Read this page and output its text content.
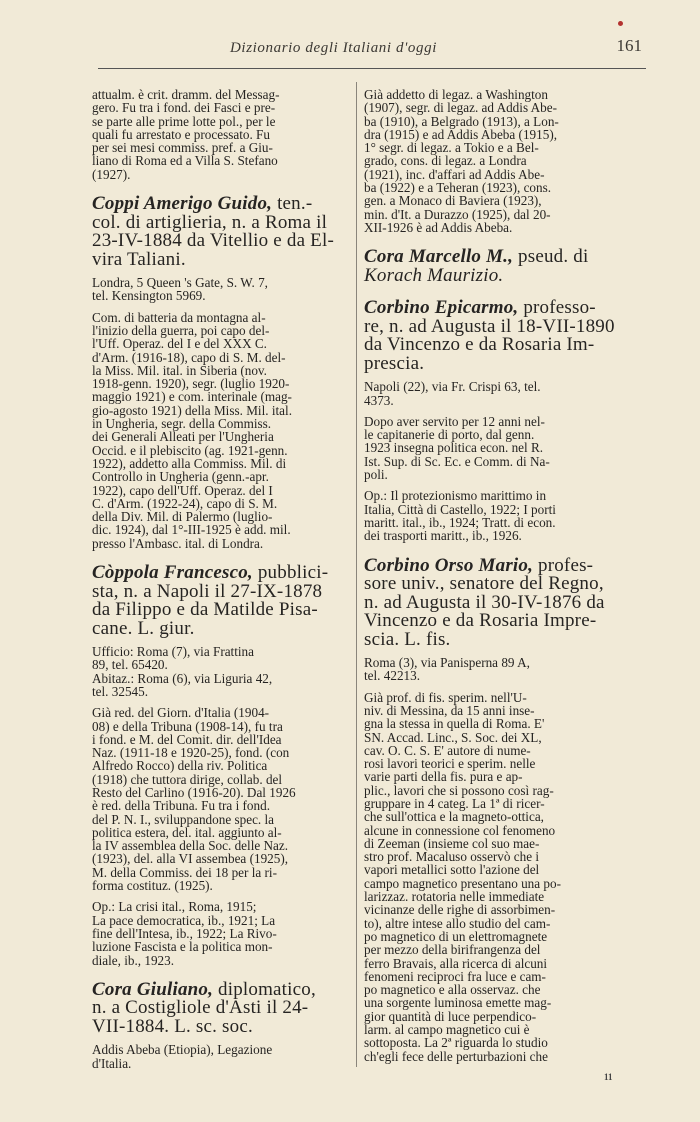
Dizionario degli Italiani d'oggi	161
attualm. è crit. dramm. del Messag-
gero. Fu tra i fond. dei Fasci e pre-
se parte alle prime lotte pol., per le
quali fu arrestato e processato. Fu
per sei mesi commiss. pref. a Giu-
liano di Roma ed a Villa S. Stefano
(1927).
Coppi Amerigo Guido, ten.-
col. di artiglieria, n. a Roma il
23-IV-1884 da Vitellio e da El-
vira Taliani.
Londra, 5 Queen 's Gate, S. W. 7,
tel. Kensington 5969.
Com. di batteria da montagna al-
l'inizio della guerra, poi capo del-
l'Uff. Operaz. del I e del XXX C.
d'Arm. (1916-18), capo di S. M. del-
la Miss. Mil. ital. in Siberia (nov.
1918-genn. 1920), segr. (luglio 1920-
maggio 1921) e com. interinale (mag-
gio-agosto 1921) della Miss. Mil. ital.
in Ungheria, segr. della Commiss.
dei Generali Alleati per l'Ungheria
Occid. e il plebiscito (ag. 1921-genn.
1922), addetto alla Commiss. Mil. di
Controllo in Ungheria (genn.-apr.
1922), capo dell'Uff. Operaz. del I
C. d'Arm. (1922-24), capo di S. M.
della Div. Mil. di Palermo (luglio-
dic. 1924), dal 1°-III-1925 è add. mil.
presso l'Ambasc. ital. di Londra.
Còppola Francesco, pubblici-
sta, n. a Napoli il 27-IX-1878
da Filippo e da Matilde Pisa-
cane. L. giur.
Ufficio: Roma (7), via Frattina
89, tel. 65420.
Abitaz.: Roma (6), via Liguria 42,
tel. 32545.
Già red. del Giorn. d'Italia (1904-
08) e della Tribuna (1908-14), fu tra
i fond. e M. del Comit. dir. dell'Idea
Naz. (1911-18 e 1920-25), fond. (con
Alfredo Rocco) della riv. Politica
(1918) che tuttora dirige, collab. del
Resto del Carlino (1916-20). Dal 1926
è red. della Tribuna. Fu tra i fond.
del P. N. I., sviluppandone spec. la
politica estera, del. ital. aggiunto al-
la IV assemblea della Soc. delle Naz.
(1923), del. alla VI assembea (1925),
M. della Commiss. dei 18 per la ri-
forma costituz. (1925).
Op.: La crisi ital., Roma, 1915;
La pace democratica, ib., 1921; La
fine dell'Intesa, ib., 1922; La Rivo-
luzione Fascista e la politica mon-
diale, ib., 1923.
Cora Giuliano, diplomatico,
n. a Costigliole d'Asti il 24-
VII-1884. L. sc. soc.
Addis Abeba (Etiopia), Legazione
d'Italia.
Già addetto di legaz. a Washington
(1907), segr. di legaz. ad Addis Abe-
ba (1910), a Belgrado (1913), a Lon-
dra (1915) e ad Addis Abeba (1915),
1° segr. di legaz. a Tokio e a Bel-
grado, cons. di legaz. a Londra
(1921), inc. d'affari ad Addis Abe-
ba (1922) e a Teheran (1923), cons.
gen. a Monaco di Baviera (1923),
min. d'It. a Durazzo (1925), dal 20-
XII-1926 è ad Addis Abeba.
Cora Marcello M., pseud. di
Korach Maurizio.
Corbino Epicarmo, professo-
re, n. ad Augusta il 18-VII-1890
da Vincenzo e da Rosaria Im-
prescia.
Napoli (22), via Fr. Crispi 63, tel.
4373.
Dopo aver servito per 12 anni nel-
le capitanerie di porto, dal genn.
1923 insegna politica econ. nel R.
Ist. Sup. di Sc. Ec. e Comm. di Na-
poli.
Op.: Il protezionismo marittimo in
Italia, Città di Castello, 1922; I porti
maritt. ital., ib., 1924; Tratt. di econ.
dei trasporti maritt., ib., 1926.
Corbino Orso Mario, profes-
sore univ., senatore del Regno,
n. ad Augusta il 30-IV-1876 da
Vincenzo e da Rosaria Impre-
scia. L. fis.
Roma (3), via Panisperna 89 A,
tel. 42213.
Già prof. di fis. sperim. nell'U-
niv. di Messina, da 15 anni inse-
gna la stessa in quella di Roma. E'
SN. Accad. Linc., S. Soc. dei XL,
cav. O. C. S. E' autore di nume-
rosi lavori teorici e sperim. nelle
varie parti della fis. pura e ap-
plic., lavori che si possono così rag-
gruppare in 4 categ. La 1ª di ricer-
che sull'ottica e la magneto-ottica,
alcune in connessione col fenomeno
di Zeeman (insieme col suo mae-
stro prof. Macaluso osservò che i
vapori metallici sotto l'azione del
campo magnetico presentano una po-
larizzaz. rotatoria nelle immediate
vicinanze delle righe di assorbimen-
to), altre intese allo studio del cam-
po magnetico di un elettromagnete
per mezzo della birifrangenza del
ferro Bravais, alla ricerca di alcuni
fenomeni reciproci fra luce e cam-
po magnetico e alla osservaz. che
una sorgente luminosa emette mag-
gior quantità di luce perpendico-
larm. al campo magnetico cui è
sottoposta. La 2ª riguarda lo studio
ch'egli fece delle perturbazioni che
11
